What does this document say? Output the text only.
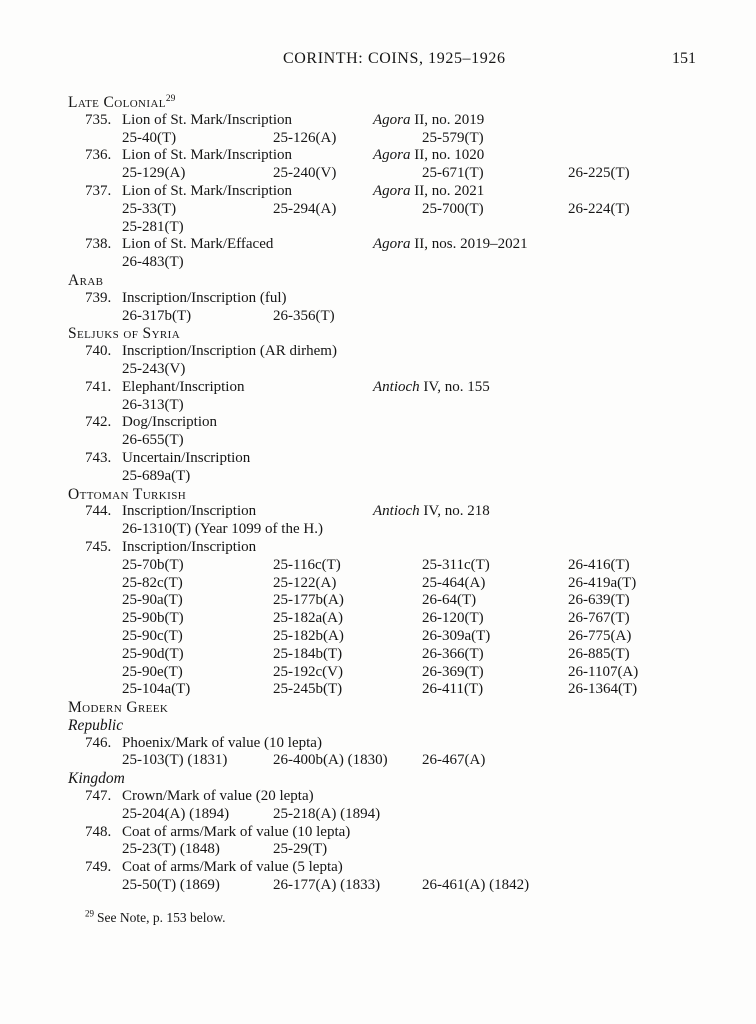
CORINTH: COINS, 1925–1926	151
Late Colonial$^{29}$
735. Lion of St. Mark/Inscription	Agora II, no. 2019
25-40(T)	25-126(A)	25-579(T)
736. Lion of St. Mark/Inscription	Agora II, no. 1020
25-129(A)	25-240(V)	25-671(T)	26-225(T)
737. Lion of St. Mark/Inscription	Agora II, no. 2021
25-33(T)	25-294(A)	25-700(T)	26-224(T)
25-281(T)
738. Lion of St. Mark/Effaced	Agora II, nos. 2019–2021
26-483(T)
Arab
739. Inscription/Inscription (ful)
26-317b(T)	26-356(T)
Seljuks of Syria
740. Inscription/Inscription (AR dirhem)
25-243(V)
741. Elephant/Inscription	Antioch IV, no. 155
26-313(T)
742. Dog/Inscription
26-655(T)
743. Uncertain/Inscription
25-689a(T)
Ottoman Turkish
744. Inscription/Inscription	Antioch IV, no. 218
26-1310(T) (Year 1099 of the H.)
745. Inscription/Inscription
25-70b(T)	25-116c(T)	25-311c(T)	26-416(T)
25-82c(T)	25-122(A)	25-464(A)	26-419a(T)
25-90a(T)	25-177b(A)	26-64(T)	26-639(T)
25-90b(T)	25-182a(A)	26-120(T)	26-767(T)
25-90c(T)	25-182b(A)	26-309a(T)	26-775(A)
25-90d(T)	25-184b(T)	26-366(T)	26-885(T)
25-90e(T)	25-192c(V)	26-369(T)	26-1107(A)
25-104a(T)	25-245b(T)	26-411(T)	26-1364(T)
Modern Greek
Republic
746. Phoenix/Mark of value (10 lepta)
25-103(T) (1831)	26-400b(A) (1830) 26-467(A)
Kingdom
747. Crown/Mark of value (20 lepta)
25-204(A) (1894)	25-218(A) (1894)
748. Coat of arms/Mark of value (10 lepta)
25-23(T) (1848)	25-29(T)
749. Coat of arms/Mark of value (5 lepta)
25-50(T) (1869)	26-177(A) (1833)	26-461(A) (1842)
$^{29}$ See Note, p. 153 below.
